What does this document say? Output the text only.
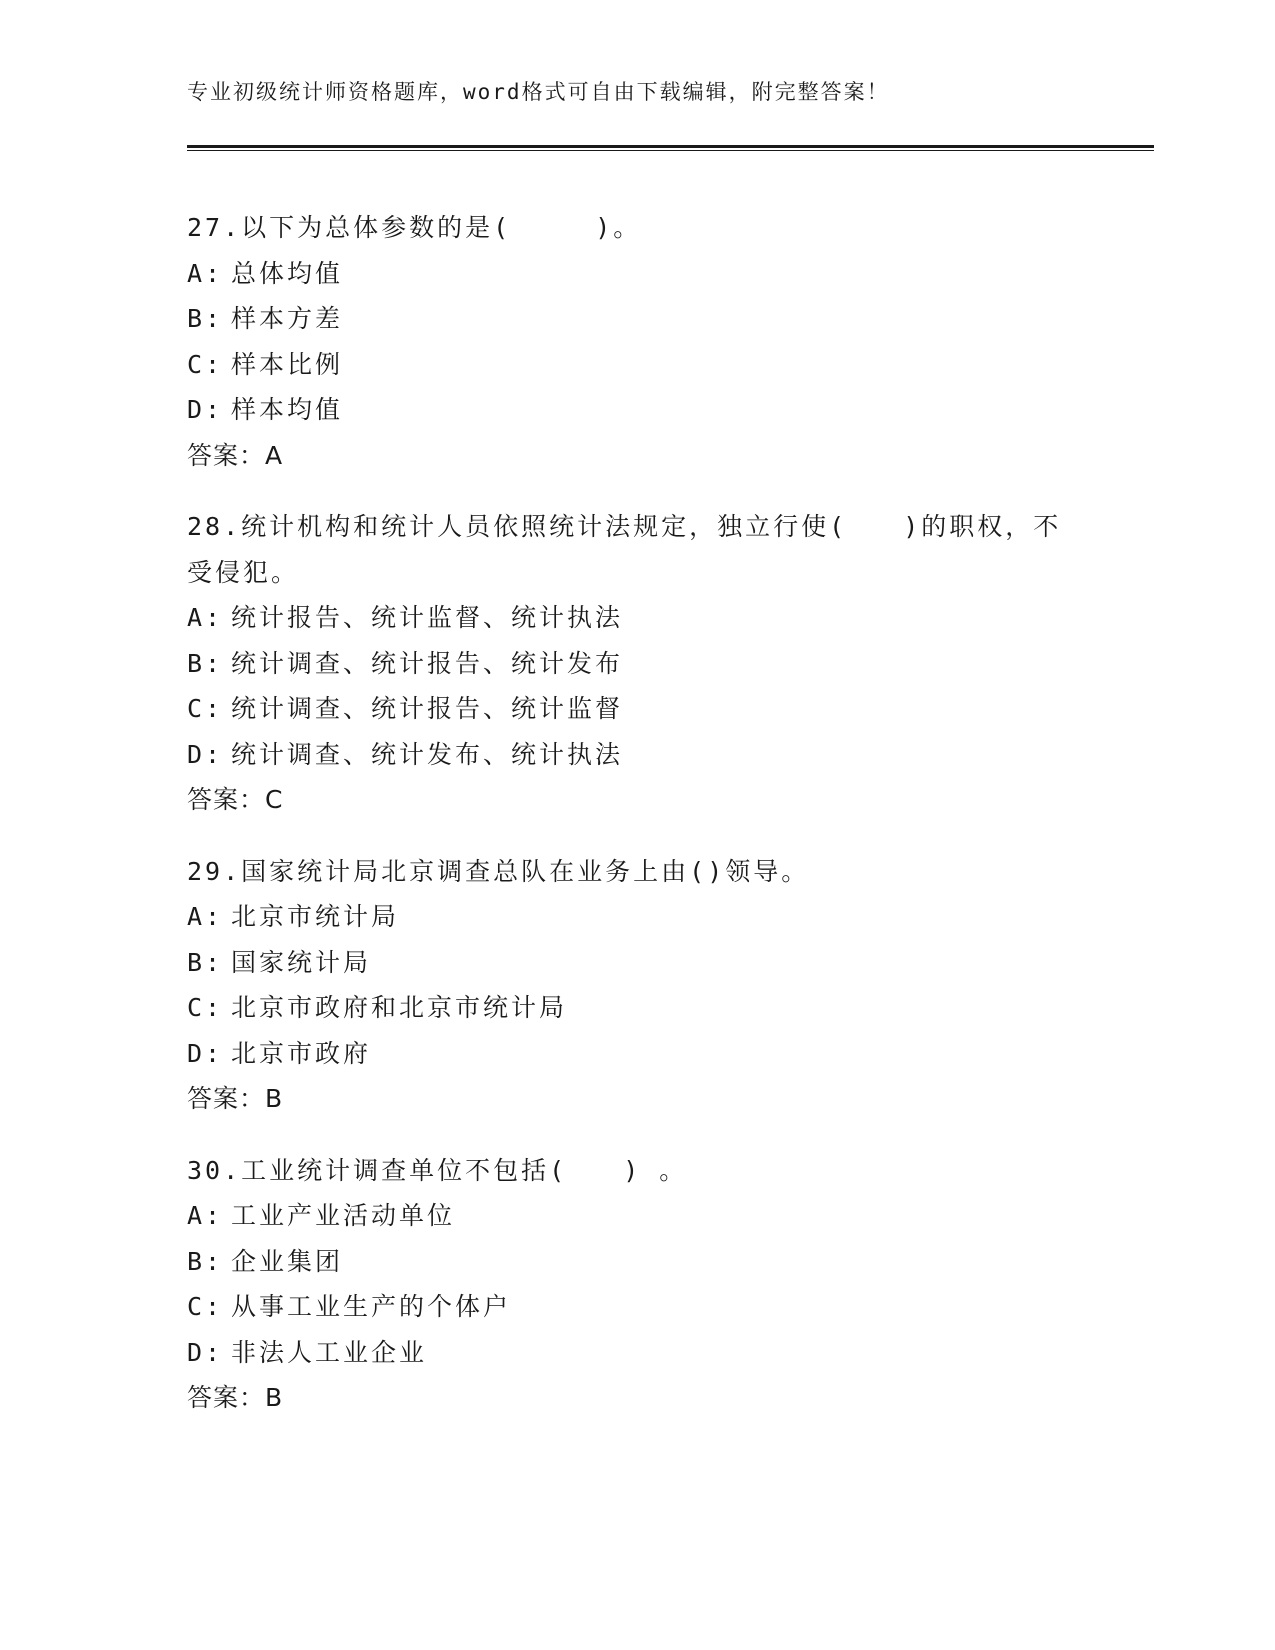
专业初级统计师资格题库，word格式可自由下载编辑，附完整答案！
27.以下为总体参数的是(　　　)。
A: 总体均值
B: 样本方差
C: 样本比例
D: 样本均值
答案：A
28.统计机构和统计人员依照统计法规定，独立行使(　　)的职权，不受侵犯。
A: 统计报告、统计监督、统计执法
B: 统计调查、统计报告、统计发布
C: 统计调查、统计报告、统计监督
D: 统计调查、统计发布、统计执法
答案：C
29.国家统计局北京调查总队在业务上由()领导。
A: 北京市统计局
B: 国家统计局
C: 北京市政府和北京市统计局
D: 北京市政府
答案：B
30.工业统计调查单位不包括(　　) 。
A: 工业产业活动单位
B: 企业集团
C: 从事工业生产的个体户
D: 非法人工业企业
答案：B
